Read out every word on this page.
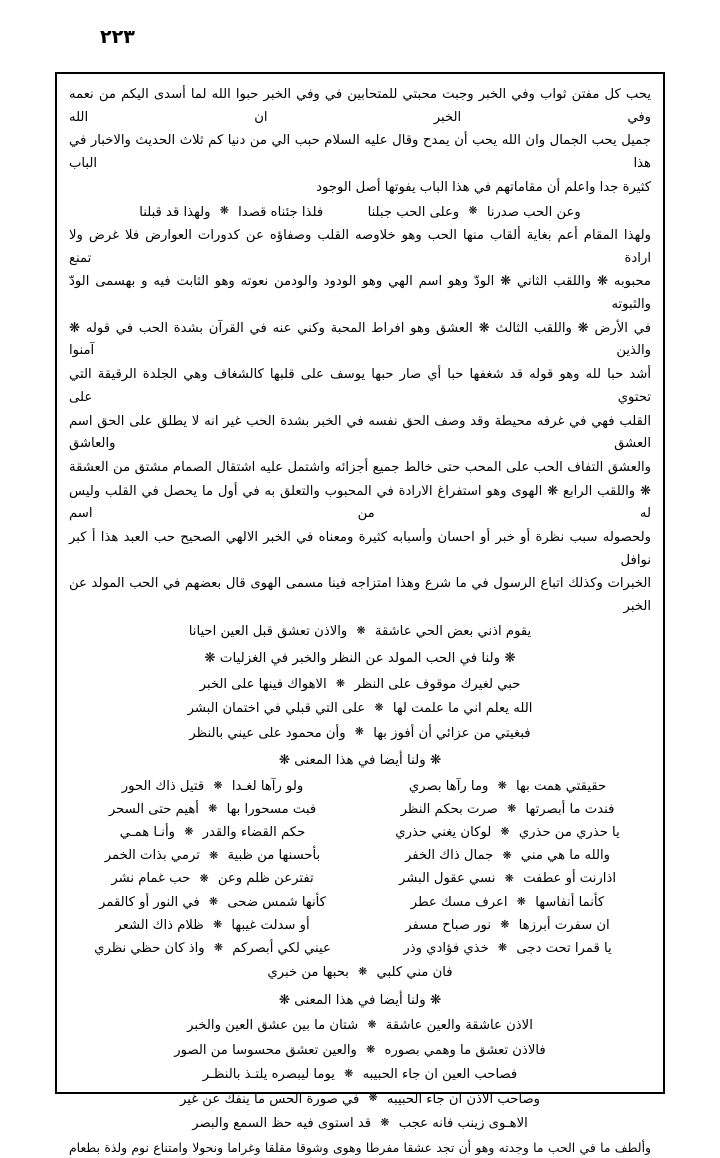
٢٢٣

يحب كل مفتن ثواب وفي الخبر وجبت محبتي للمتحابين في وفي الخبر حبوا الله لما أسدى اليكم من نعمه وفي الخبر ان الله

جميل يحب الجمال وان الله يحب أن يمدح وقال عليه السلام حبب الي من دنيا كم ثلاث الحديث والاخبار في هذا الباب

كثيرة جدا واعلم أن مقاماتهم في هذا الباب يفوتها أصل الوجود

وعن الحب صدرنا ❋ وعلى الحب جبلنا  فلذا جئناه قصدا ❋ ولهذا قد قبلنا

ولهذا المقام أعم بغاية ألقاب منها الحب وهو خلاوصه القلب وصفاؤه عن كدورات العوارض فلا غرض ولا ارادة تمنع

محبوبه ❋ واللقب الثاني ❋ الودّ وهو اسم الهي وهو الودود والودمن نعوته وهو الثابت فيه و بهسمى الودّ والثبوته

في الأرض ❋ واللقب الثالث ❋ العشق وهو افراط المحبة وكني عنه في القرآن بشدة الحب في قوله ❋ والذين آمنوا

أشد حبا لله وهو قوله قد شغفها حبا أي صار حبها يوسف على قلبها كالشغاف وهي الجلدة الرقيقة التي تحتوي على

القلب فهي في غرفه محيطة وقد وصف الحق نفسه في الخبر بشدة الحب غير انه لا يطلق على الحق اسم العشق والعاشق

والعشق التفاف الحب على المحب حتى خالط جميع أجزائه واشتمل عليه اشتقال الصمام مشتق من العشقة

❋ واللقب الرابع ❋ الهوى وهو استفراغ الارادة في المحبوب والتعلق به في أول ما يحصل في القلب وليس له من اسم

ولحصوله سبب نظرة أو خبر أو احسان وأسبابه كثيرة ومعناه في الخبر الالهي الصحيح حب العبد هذا أ كبر نوافل

الخبرات وكذلك اتباع الرسول في ما شرع وهذا امتزاجه فينا مسمى الهوى قال بعضهم في الحب المولد عن الخبر

يقوم اذني بعض الحي عاشقة ❋ والاذن تعشق قبل العين احيانا
❋ ولنا في الحب المولد عن النظر والخبر في الغزليات ❋
حبي لغيرك موقوف على النظر ❋ الاهواك فينها على الخبر
الله يعلم اني ما علمت لها ❋ على التي قبلي في اختمان البشر
فبغيتي من عزائي أن أفوز بها ❋ وأن محمود على عيني بالنظر
❋ ولنا أيضا في هذا المعنى ❋
حقيقتي همت بها ❋ وما رآها بصري	ولو رآها لغـدا ❋ قتيل ذاك الحور
فندت ما أبصرتها ❋ صرت بحكم النظر	فبت مسحورا بها ❋ أهيم حتى السحر
يا حذري من حذري ❋ لوكان يغني حذري	حكم القضاء والقدر ❋ وأنـا همـي
والله ما هي مني ❋ جمال ذاك الخفر	بأحسنها من ظبية ❋ ترمي بذات الخمر
اذارنت أو عطفت ❋ نسي عقول البشر	تفترعن ظلم وعن ❋ حب غمام نشر
كأنما أنفاسها ❋ اعرف مسك عطر	كأنها شمس ضحى ❋ في النور أو كالقمر
ان سفرت أبرزها ❋ نور صباح مسفر	أو سدلت غيبها ❋ ظلام ذاك الشعر
يا قمرا تحت دجى ❋ خذي فؤادي وذر	عيني لكي أبصركم ❋ واذ كان حظي نظري
فان مني كلبي ❋ بحبها من خبري
❋ ولنا أيضا في هذا المعنى ❋
الاذن عاشقة والعين عاشقة ❋ شتان ما بين عشق العين والخبر
فالاذن تعشق ما وهمي بصوره ❋ والعين تعشق محسوسا من الصور
فصاحب العين ان جاء الحبيبه ❋ يوما ليبصره يلتـذ بالنظـر
وصاحب الاذن ان جاء الحبيبه ❋ في صورة الحس ما ينفك عن غير
الاهـوى زينب فانه عجب ❋ قد استوى فيه حظ السمع والبصر

وألطف ما في الحب ما وجدته وهو أن تجد عشقا مفرطا وهوى وشوقا مقلقا وغراما ونحولا وامتناع نوم ولذة بطعام
